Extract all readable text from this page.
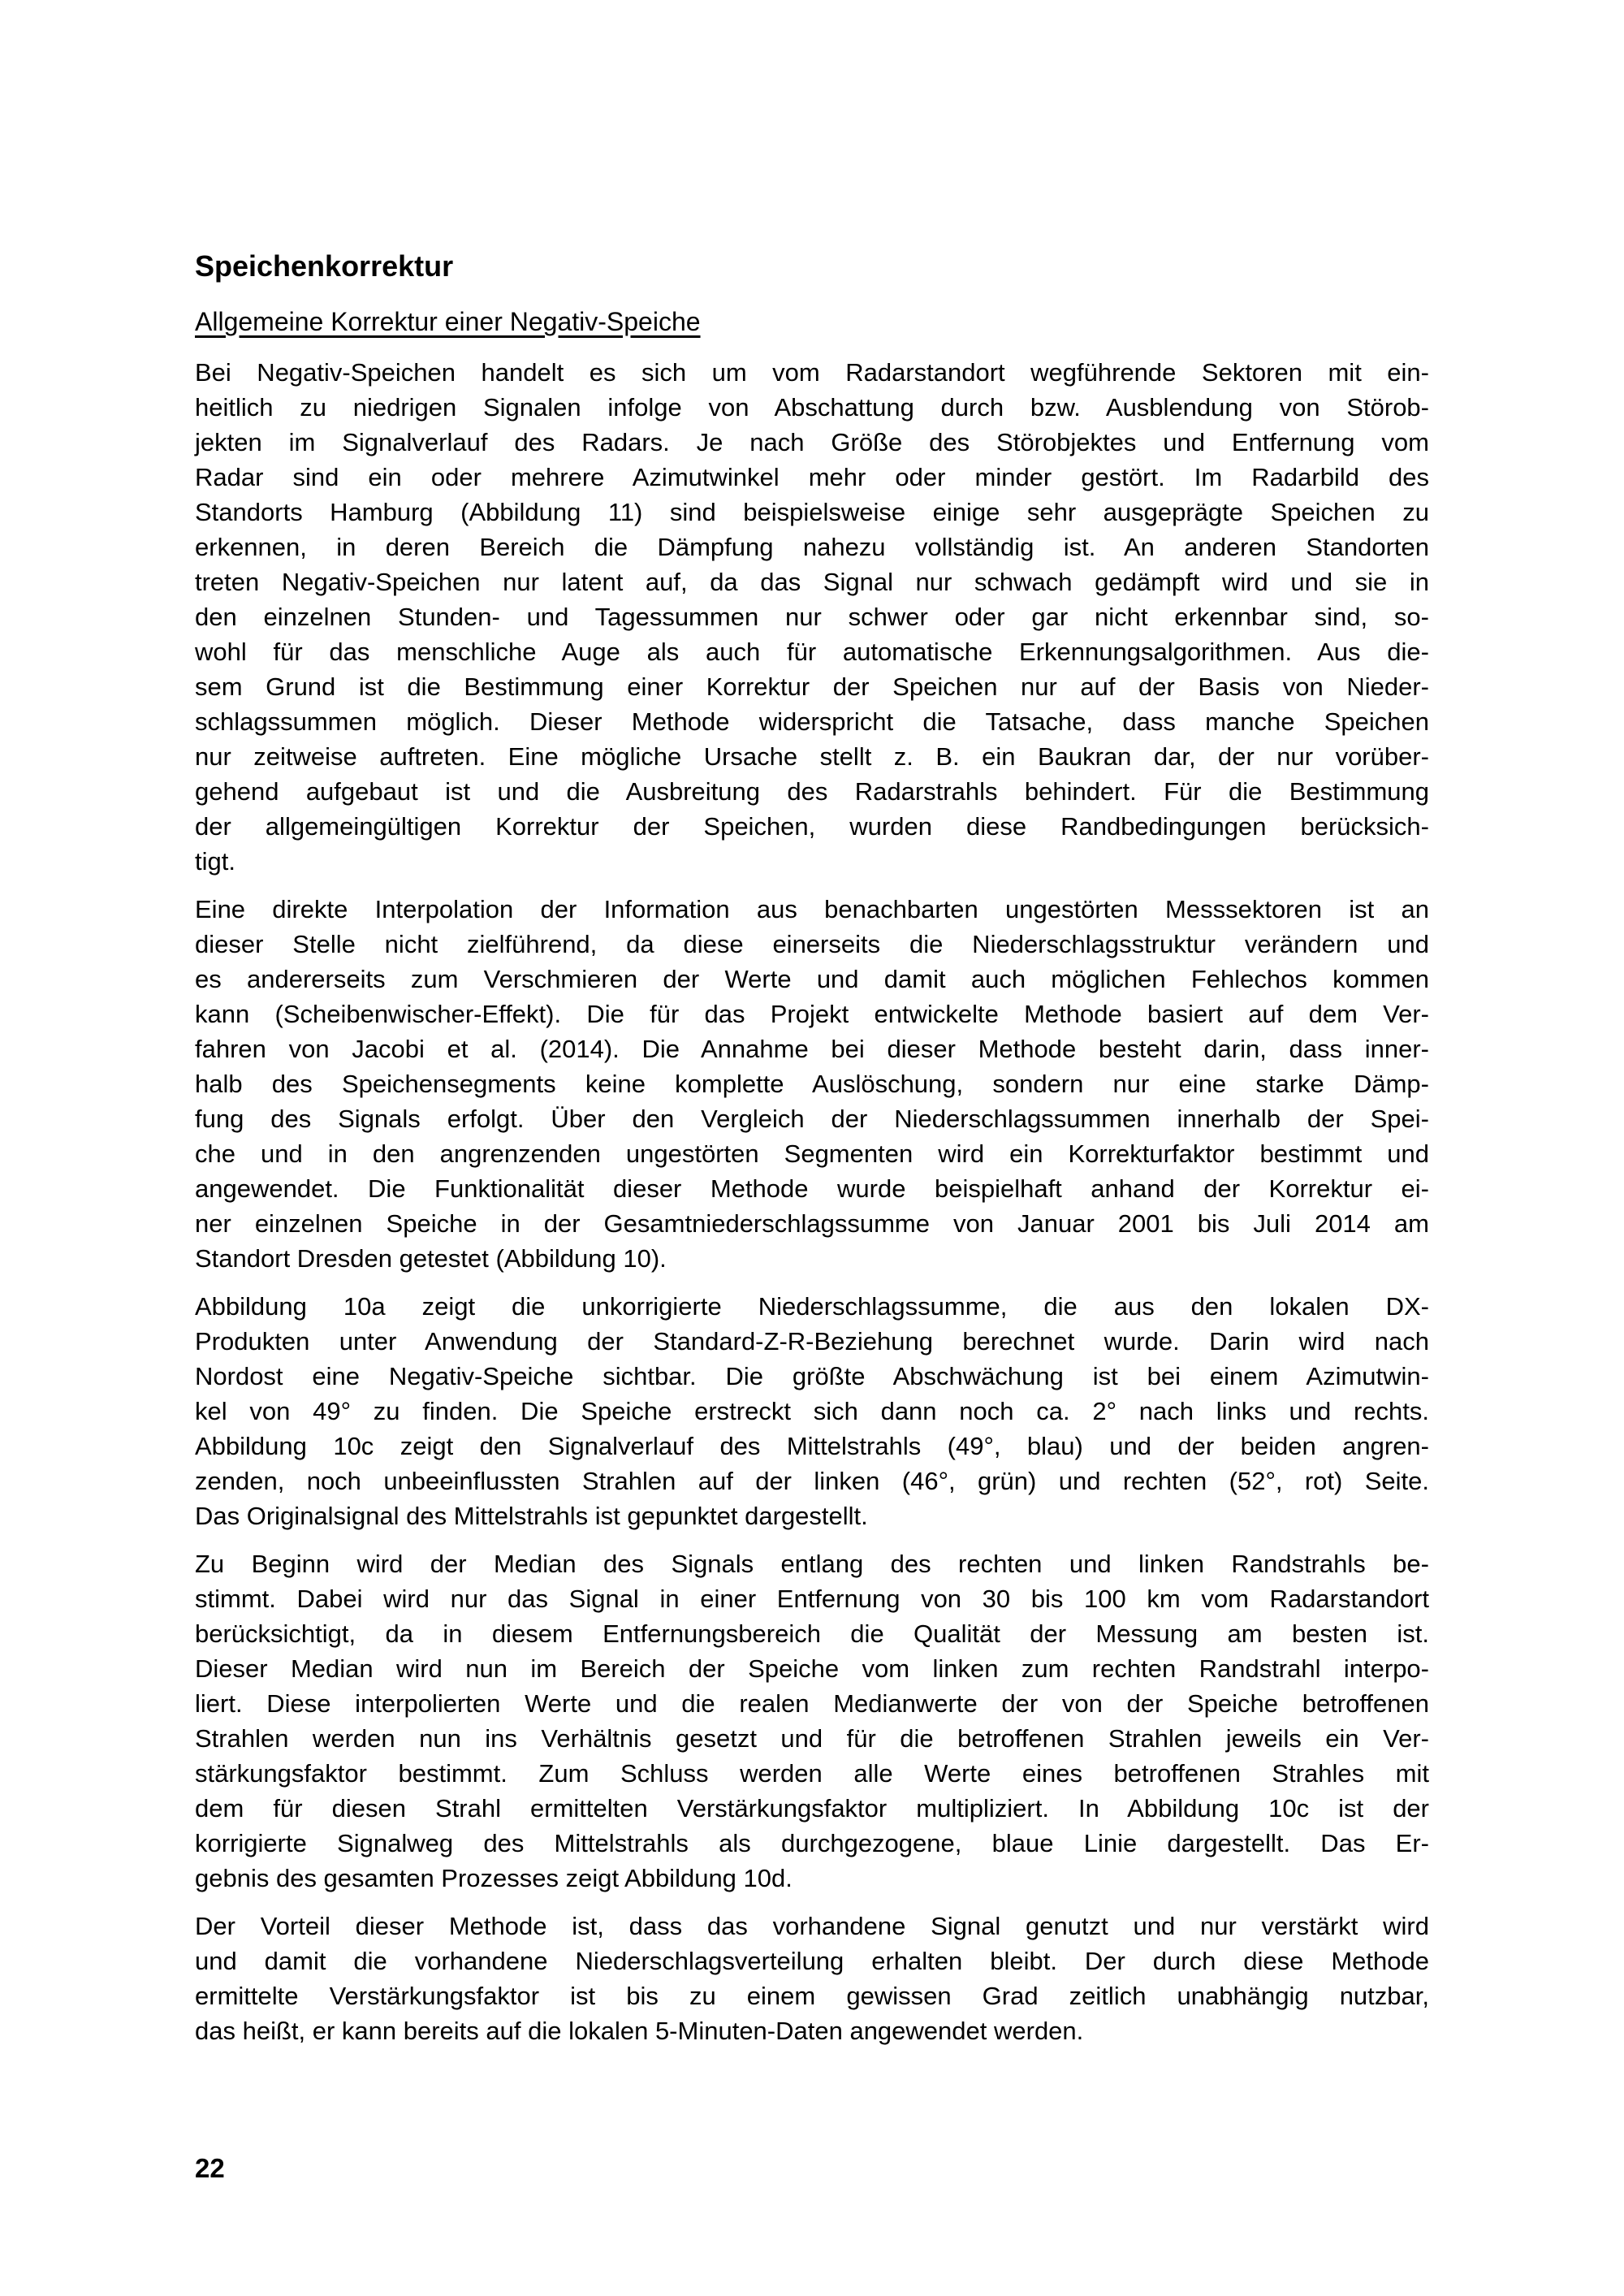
Speichenkorrektur
Allgemeine Korrektur einer Negativ-Speiche
Bei Negativ-Speichen handelt es sich um vom Radarstandort wegführende Sektoren mit ein-
heitlich zu niedrigen Signalen infolge von Abschattung durch bzw. Ausblendung von Störob-
jekten im Signalverlauf des Radars. Je nach Größe des Störobjektes und Entfernung vom
Radar sind ein oder mehrere Azimutwinkel mehr oder minder gestört. Im Radarbild des
Standorts Hamburg (Abbildung 11) sind beispielsweise einige sehr ausgeprägte Speichen zu
erkennen, in deren Bereich die Dämpfung nahezu vollständig ist. An anderen Standorten
treten Negativ-Speichen nur latent auf, da das Signal nur schwach gedämpft wird und sie in
den einzelnen Stunden- und Tagessummen nur schwer oder gar nicht erkennbar sind, so-
wohl für das menschliche Auge als auch für automatische Erkennungsalgorithmen. Aus die-
sem Grund ist die Bestimmung einer Korrektur der Speichen nur auf der Basis von Nieder-
schlagssummen möglich. Dieser Methode widerspricht die Tatsache, dass manche Speichen
nur zeitweise auftreten. Eine mögliche Ursache stellt z. B. ein Baukran dar, der nur vorüber-
gehend aufgebaut ist und die Ausbreitung des Radarstrahls behindert. Für die Bestimmung
der allgemeingültigen Korrektur der Speichen, wurden diese Randbedingungen berücksich-
tigt.
Eine direkte Interpolation der Information aus benachbarten ungestörten Messsektoren ist an
dieser Stelle nicht zielführend, da diese einerseits die Niederschlagsstruktur verändern und
es andererseits zum Verschmieren der Werte und damit auch möglichen Fehlechos kommen
kann (Scheibenwischer-Effekt). Die für das Projekt entwickelte Methode basiert auf dem Ver-
fahren von Jacobi et al. (2014). Die Annahme bei dieser Methode besteht darin, dass inner-
halb des Speichensegments keine komplette Auslöschung, sondern nur eine starke Dämp-
fung des Signals erfolgt. Über den Vergleich der Niederschlagssummen innerhalb der Spei-
che und in den angrenzenden ungestörten Segmenten wird ein Korrekturfaktor bestimmt und
angewendet. Die Funktionalität dieser Methode wurde beispielhaft anhand der Korrektur ei-
ner einzelnen Speiche in der Gesamtniederschlagssumme von Januar 2001 bis Juli 2014 am
Standort Dresden getestet (Abbildung 10).
Abbildung 10a zeigt die unkorrigierte Niederschlagssumme, die aus den lokalen DX-
Produkten unter Anwendung der Standard-Z-R-Beziehung berechnet wurde. Darin wird nach
Nordost eine Negativ-Speiche sichtbar. Die größte Abschwächung ist bei einem Azimutwin-
kel von 49° zu finden. Die Speiche erstreckt sich dann noch ca. 2° nach links und rechts.
Abbildung 10c zeigt den Signalverlauf des Mittelstrahls (49°, blau) und der beiden angren-
zenden, noch unbeeinflussten Strahlen auf der linken (46°, grün) und rechten (52°, rot) Seite.
Das Originalsignal des Mittelstrahls ist gepunktet dargestellt.
Zu Beginn wird der Median des Signals entlang des rechten und linken Randstrahls be-
stimmt. Dabei wird nur das Signal in einer Entfernung von 30 bis 100 km vom Radarstandort
berücksichtigt, da in diesem Entfernungsbereich die Qualität der Messung am besten ist.
Dieser Median wird nun im Bereich der Speiche vom linken zum rechten Randstrahl interpo-
liert. Diese interpolierten Werte und die realen Medianwerte der von der Speiche betroffenen
Strahlen werden nun ins Verhältnis gesetzt und für die betroffenen Strahlen jeweils ein Ver-
stärkungsfaktor bestimmt. Zum Schluss werden alle Werte eines betroffenen Strahles mit
dem für diesen Strahl ermittelten Verstärkungsfaktor multipliziert. In Abbildung 10c ist der
korrigierte Signalweg des Mittelstrahls als durchgezogene, blaue Linie dargestellt. Das Er-
gebnis des gesamten Prozesses zeigt Abbildung 10d.
Der Vorteil dieser Methode ist, dass das vorhandene Signal genutzt und nur verstärkt wird
und damit die vorhandene Niederschlagsverteilung erhalten bleibt. Der durch diese Methode
ermittelte Verstärkungsfaktor ist bis zu einem gewissen Grad zeitlich unabhängig nutzbar,
das heißt, er kann bereits auf die lokalen 5-Minuten-Daten angewendet werden.
22
